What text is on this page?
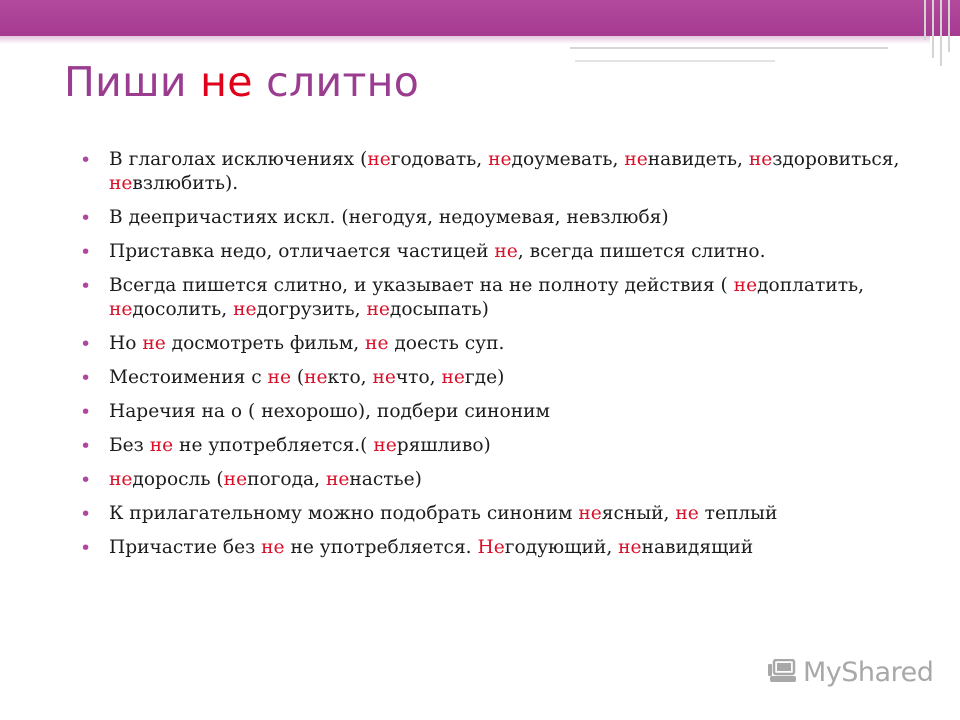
Пиши не слитно
• В глаголах исключениях (негодовать, недоумевать, ненавидеть, нездоровиться, невзлюбить).
• В деепричастиях искл. (негодуя, недоумевая, невзлюбя)
• Приставка недо, отличается частицей не, всегда пишется слитно.
• Всегда пишется слитно, и указывает на не полноту действия ( недоплатить, недосолить, недогрузить, недосыпать)
• Но не досмотреть фильм, не доесть суп.
• Местоимения с не (некто, нечто, негде)
• Наречия на о ( нехорошо), подбери синоним
• Без не не употребляется.( неряшливо)
• недоросль (непогода, ненастье)
• К прилагательному можно подобрать синоним неясный, не теплый
• Причастие без не не употребляется. Негодующий, ненавидящий
MyShared
